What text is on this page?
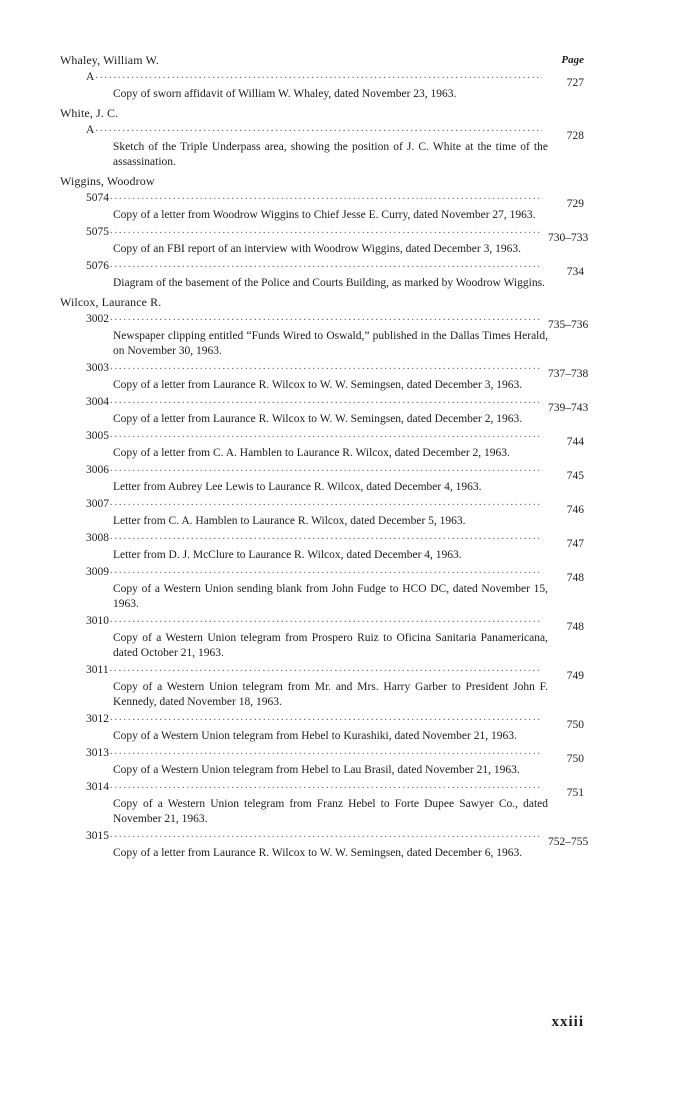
Page
Whaley, William W.
A .....	727
Copy of sworn affidavit of William W. Whaley, dated November 23, 1963.
White, J. C.
A .....	728
Sketch of the Triple Underpass area, showing the position of J. C. White at the time of the assassination.
Wiggins, Woodrow
5074 .....	729
Copy of a letter from Woodrow Wiggins to Chief Jesse E. Curry, dated November 27, 1963.
5075 .....	730–733
Copy of an FBI report of an interview with Woodrow Wiggins, dated December 3, 1963.
5076 .....	734
Diagram of the basement of the Police and Courts Building, as marked by Woodrow Wiggins.
Wilcox, Laurance R.
3002 .....	735–736
Newspaper clipping entitled “Funds Wired to Oswald,” published in the Dallas Times Herald, on November 30, 1963.
3003 .....	737–738
Copy of a letter from Laurance R. Wilcox to W. W. Semingsen, dated December 3, 1963.
3004 .....	739–743
Copy of a letter from Laurance R. Wilcox to W. W. Semingsen, dated December 2, 1963.
3005 .....	744
Copy of a letter from C. A. Hamblen to Laurance R. Wilcox, dated December 2, 1963.
3006 .....	745
Letter from Aubrey Lee Lewis to Laurance R. Wilcox, dated December 4, 1963.
3007 .....	746
Letter from C. A. Hamblen to Laurance R. Wilcox, dated December 5, 1963.
3008 .....	747
Letter from D. J. McClure to Laurance R. Wilcox, dated December 4, 1963.
3009 .....	748
Copy of a Western Union sending blank from John Fudge to HCO DC, dated November 15, 1963.
3010 .....	748
Copy of a Western Union telegram from Prospero Ruiz to Oficina Sanitaria Panamericana, dated October 21, 1963.
3011 .....	749
Copy of a Western Union telegram from Mr. and Mrs. Harry Garber to President John F. Kennedy, dated November 18, 1963.
3012 .....	750
Copy of a Western Union telegram from Hebel to Kurashiki, dated November 21, 1963.
3013 .....	750
Copy of a Western Union telegram from Hebel to Lau Brasil, dated November 21, 1963.
3014 .....	751
Copy of a Western Union telegram from Franz Hebel to Forte Dupee Sawyer Co., dated November 21, 1963.
3015 .....	752–755
Copy of a letter from Laurance R. Wilcox to W. W. Semingsen, dated December 6, 1963.
xxiii
